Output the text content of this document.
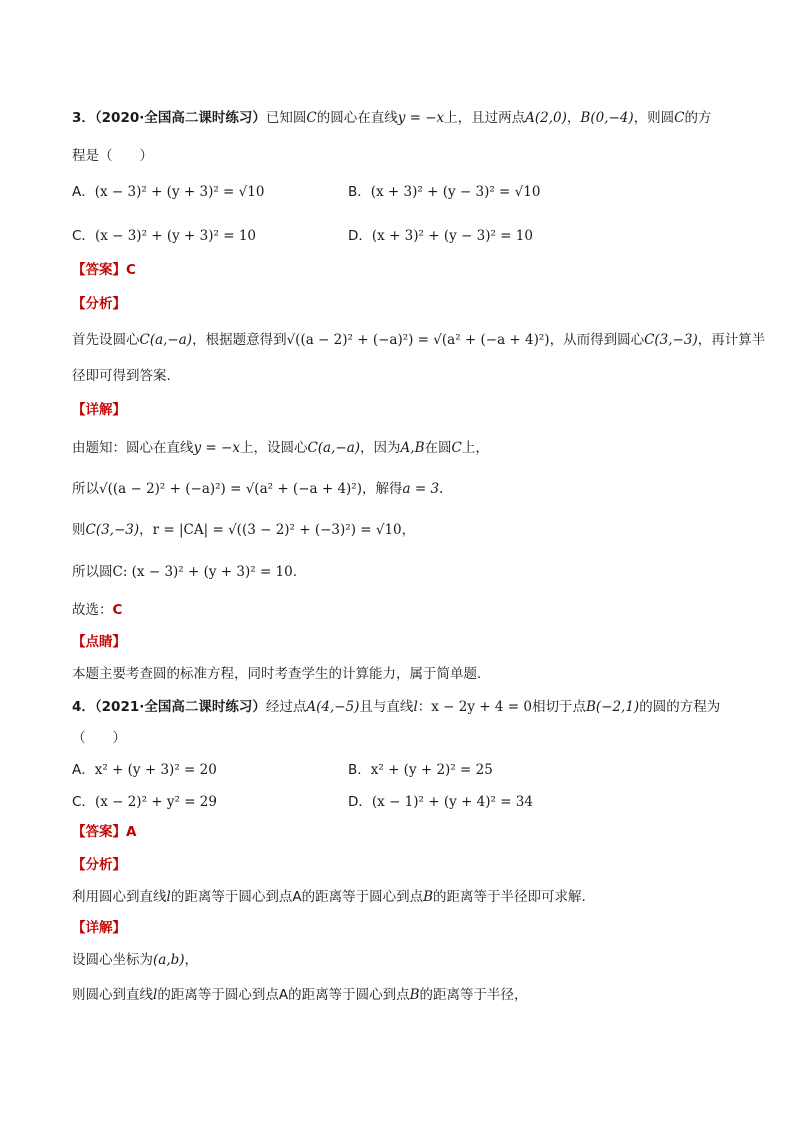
3．（2020·全国高二课时练习）已知圆C的圆心在直线y = −x上，且过两点A(2,0)，B(0,−4)，则圆C的方
程是（　　）
A．(x − 3)² + (y + 3)² = √10	B．(x + 3)² + (y − 3)² = √10
C．(x − 3)² + (y + 3)² = 10	D．(x + 3)² + (y − 3)² = 10
【答案】C
【分析】
首先设圆心C(a,−a)，根据题意得到√((a − 2)² + (−a)²) = √(a² + (−a + 4)²)，从而得到圆心C(3,−3)，再计算半
径即可得到答案.
【详解】
由题知：圆心在直线y = −x上，设圆心C(a,−a)，因为A,B在圆C上，
所以√((a − 2)² + (−a)²) = √(a² + (−a + 4)²)，解得a = 3.
则C(3,−3)，r = |CA| = √((3 − 2)² + (−3)²) = √10，
所以圆C: (x − 3)² + (y + 3)² = 10.
故选：C
【点睛】
本题主要考查圆的标准方程，同时考查学生的计算能力，属于简单题.
4．（2021·全国高二课时练习）经过点A(4,−5)且与直线l：x − 2y + 4 = 0相切于点B(−2,1)的圆的方程为
（　　）
A．x² + (y + 3)² = 20	B．x² + (y + 2)² = 25
C．(x − 2)² + y² = 29	D．(x − 1)² + (y + 4)² = 34
【答案】A
【分析】
利用圆心到直线l的距离等于圆心到点A的距离等于圆心到点B的距离等于半径即可求解.
【详解】
设圆心坐标为(a,b)，
则圆心到直线l的距离等于圆心到点A的距离等于圆心到点B的距离等于半径，
